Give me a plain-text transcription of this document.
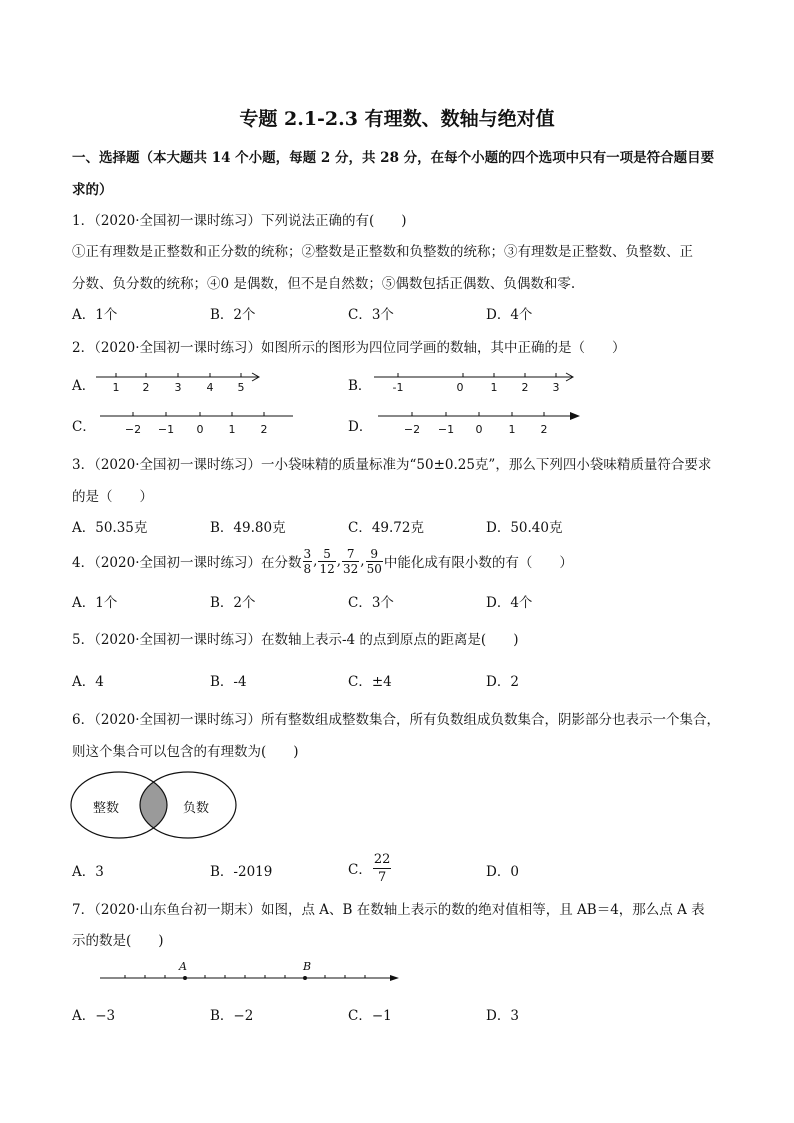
专题 2.1-2.3 有理数、数轴与绝对值
一、选择题（本大题共 14 个小题，每题 2 分，共 28 分，在每个小题的四个选项中只有一项是符合题目要
求的）
1．（2020·全国初一课时练习）下列说法正确的有(　　)
①正有理数是正整数和正分数的统称；②整数是正整数和负整数的统称；③有理数是正整数、负整数、正
分数、负分数的统称；④0 是偶数，但不是自然数；⑤偶数包括正偶数、负偶数和零.
A．1个	B．2个	C．3个	D．4个
2．（2020·全国初一课时练习）如图所示的图形为四位同学画的数轴，其中正确的是（　　）
A．	B．
C．	D．
1 2 3 4 5	-1	0 1 2 3
−2 −1 0 1 2	−2 −1 0 1 2
A	B
3．（2020·全国初一课时练习）一小袋味精的质量标准为“50±0.25克”，那么下列四小袋味精质量符合要求
的是（　　）
A．50.35克	B．49.80克	C．49.72克	D．50.40克
4．（2020·全国初一课时练习）在分数 $\frac{3}{8}$ , $\frac{5}{12}$ , $\frac{7}{32}$ , $\frac{9}{50}$ 中能化成有限小数的有（　　）
A．1个	B．2个	C．3个	D．4个
5．（2020·全国初一课时练习）在数轴上表示-4 的点到原点的距离是(　　)
A．4	B．-4	C．±4	D．2
6．（2020·全国初一课时练习）所有整数组成整数集合，所有负数组成负数集合，阴影部分也表示一个集合，
则这个集合可以包含的有理数为(　　)
整数	负数
A．3	B．-2019	C． $\frac{22}{7}$	D．0
7．（2020·山东鱼台初一期末）如图，点 A、B 在数轴上表示的数的绝对值相等，且 AB＝4，那么点 A 表
示的数是(　　)
A．−3	B．−2	C．−1	D．3
